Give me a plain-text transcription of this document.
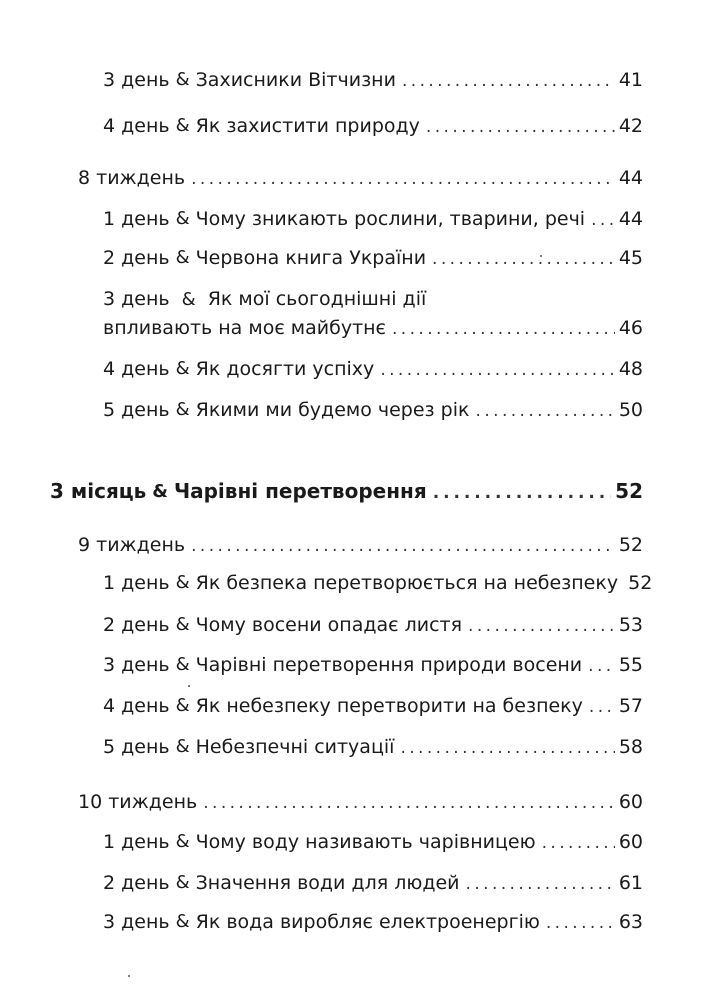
3 день & Захисники Вітчизни . . .	41
4 день & Як захистити природу . . .	42
8 тиждень . . .	44
1 день & Чому зникають рослини, тварини, речі . . . 44
2 день & Червона книга України . . .	45
3 день & Як мої сьогоднішні дії
впливають на моє майбутнє . . .	46
4 день & Як досягти успіху . . .	48
5 день & Якими ми будемо через рік . . .	50
3 місяць & Чарівні перетворення . . .	52
9 тиждень . . .	52
1 день & Як безпека перетворюється на небезпеку 52
2 день & Чому восени опадає листя . . .	53
3 день & Чарівні перетворення природи восени . . . 55
4 день & Як небезпеку перетворити на безпеку . . . 57
5 день & Небезпечні ситуації . . .	58
10 тиждень . . .	60
1 день & Чому воду називають чарівницею . . .	60
2 день & Значення води для людей . . .	61
3 день & Як вода виробляє електроенергію . . .	63
